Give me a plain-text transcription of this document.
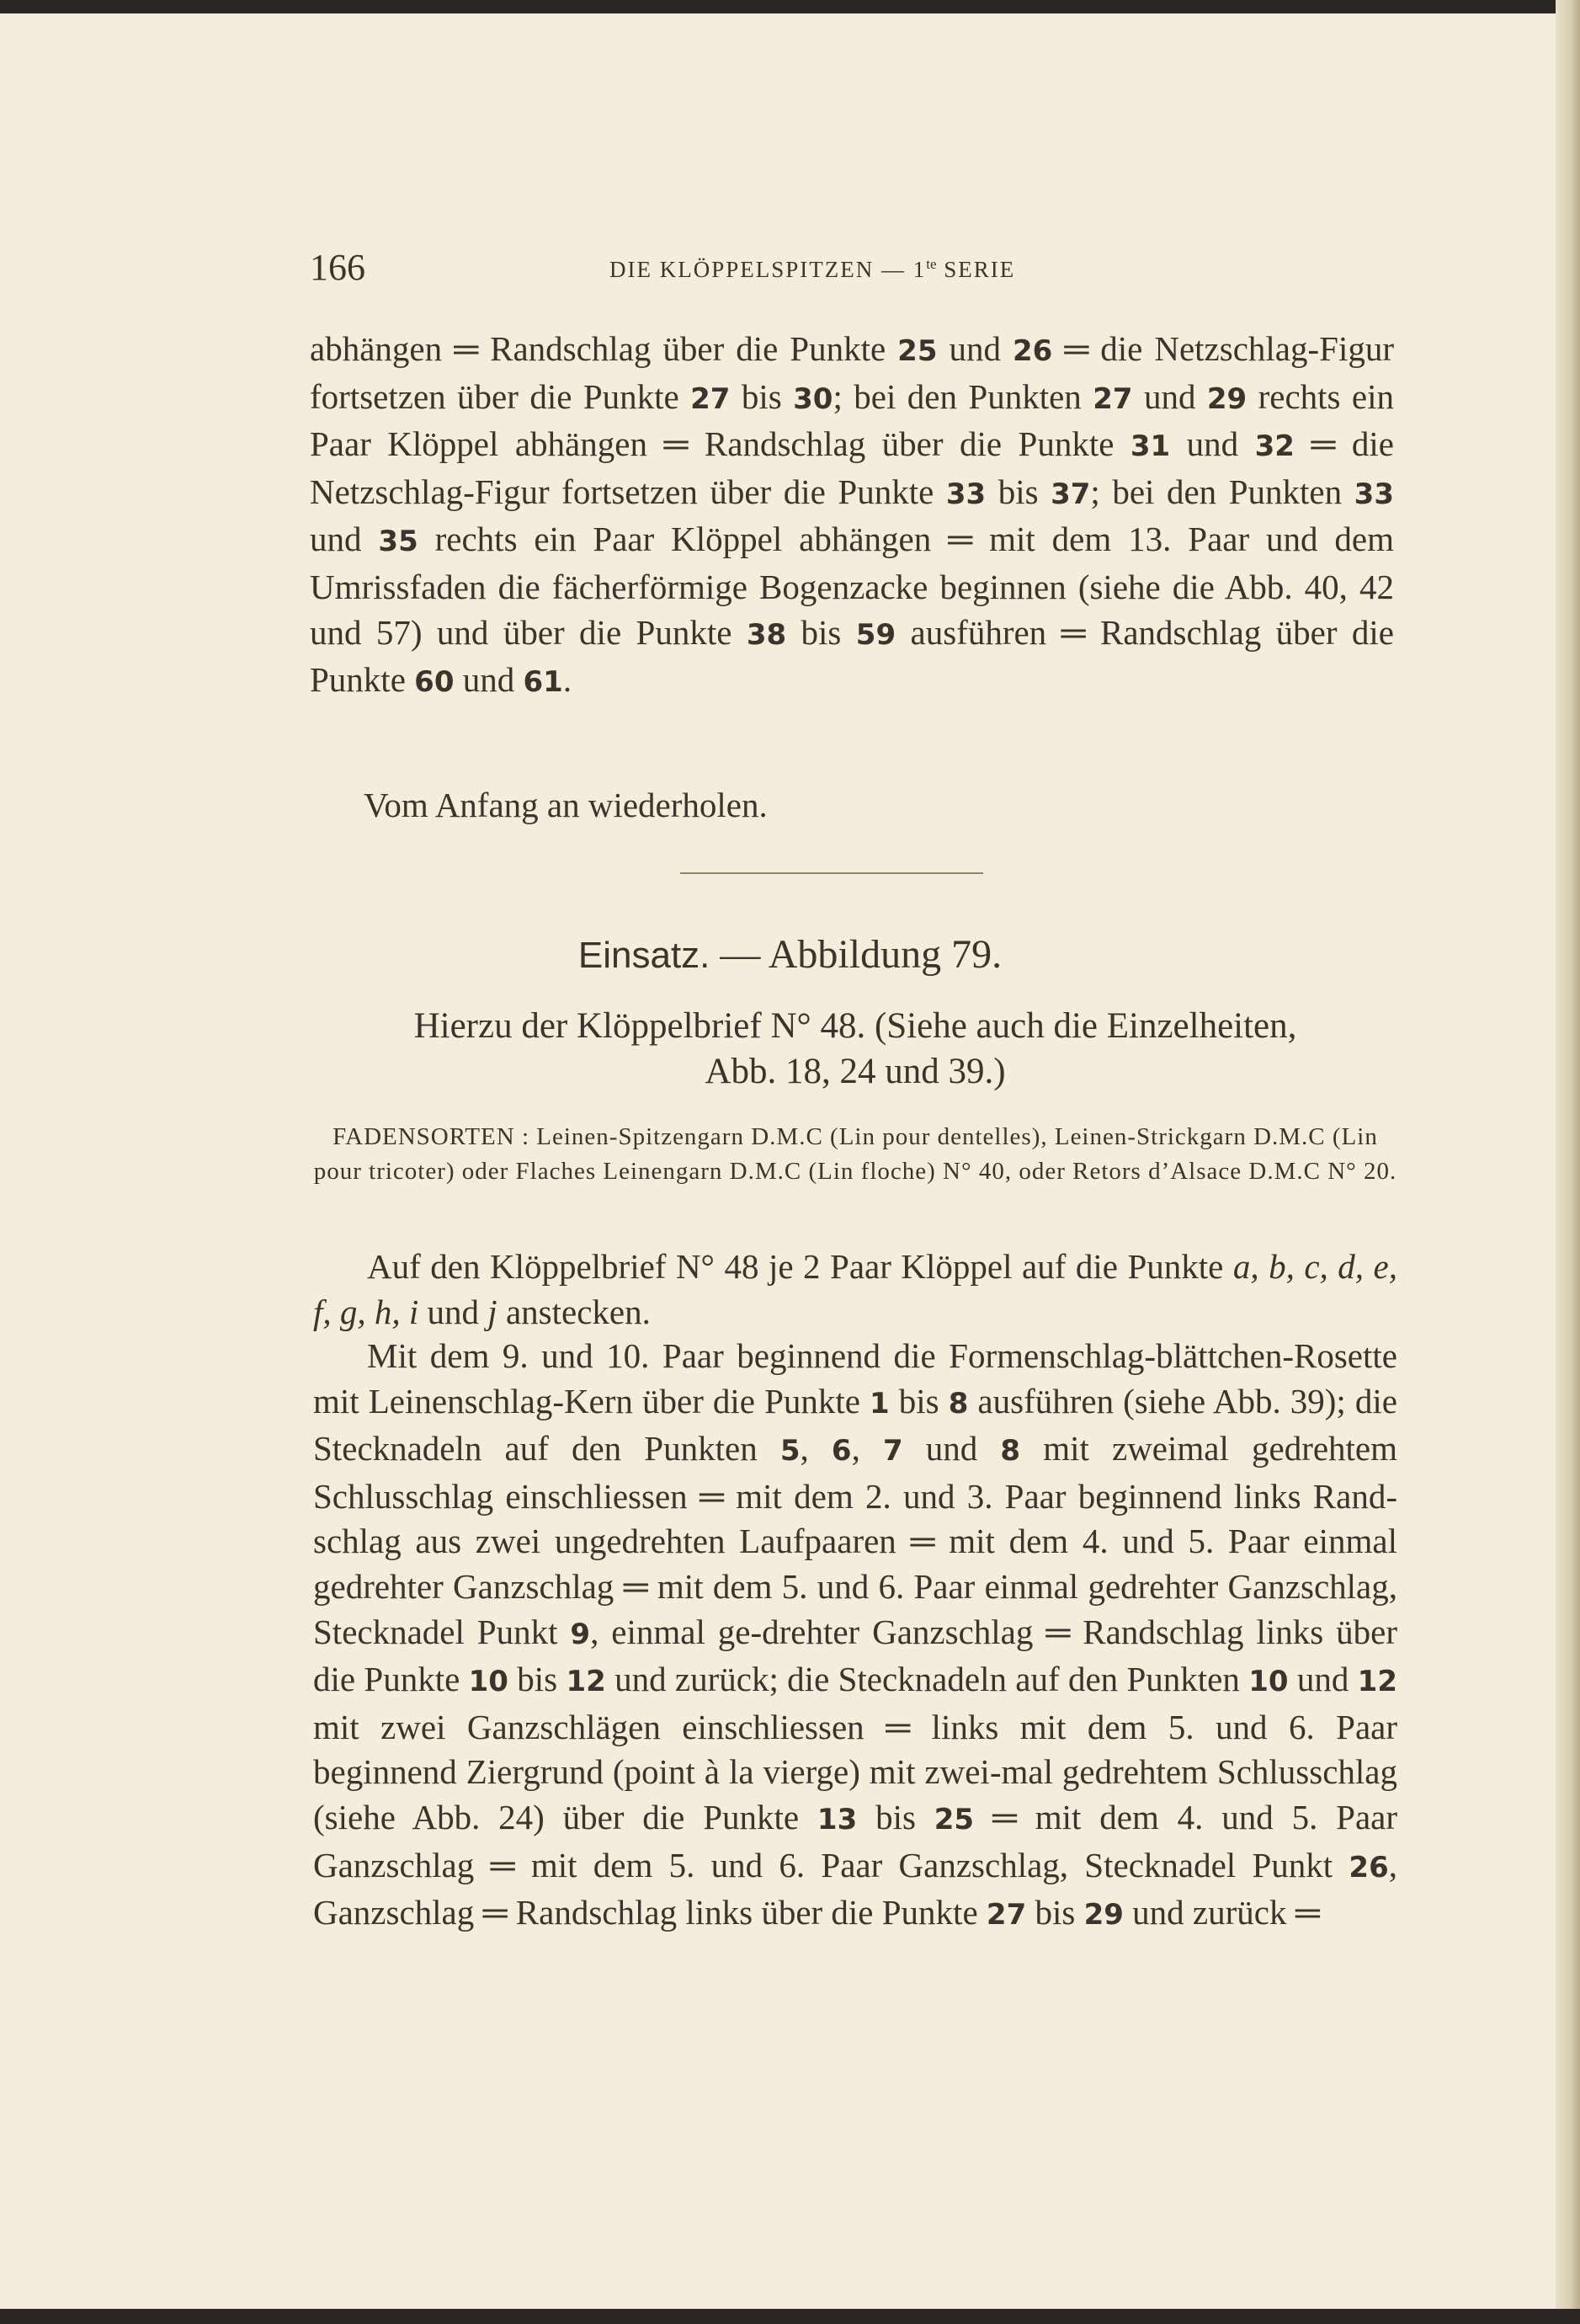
166	DIE KLÖPPELSPITZEN — $1^{te}$ SERIE

abhängen ═ Randschlag über die Punkte 25 und 26 ═ die Netzschlag-Figur fortsetzen über die Punkte 27 bis 30; bei den Punkten 27 und 29 rechts ein Paar Klöppel abhängen ═ Randschlag über die Punkte 31 und 32 ═ die Netzschlag-Figur fortsetzen über die Punkte 33 bis 37; bei den Punkten 33 und 35 rechts ein Paar Klöppel abhängen ═ mit dem 13. Paar und dem Umrissfaden die fächerförmige Bogenzacke beginnen (siehe die Abb. 40, 42 und 57) und über die Punkte 38 bis 59 ausführen ═ Randschlag über die Punkte 60 und 61.

Vom Anfang an wiederholen.

Einsatz. — Abbildung 79.

Hierzu der Klöppelbrief N° 48. (Siehe auch die Einzelheiten,
Abb. 18, 24 und 39.)

FADENSORTEN : Leinen-Spitzengarn D.M.C (Lin pour dentelles), Leinen-Strickgarn D.M.C (Lin pour tricoter) oder Flaches Leinengarn D.M.C (Lin floche) N° 40, oder Retors d’Alsace D.M.C N° 20.

Auf den Klöppelbrief N° 48 je 2 Paar Klöppel auf die Punkte a, b, c, d, e, f, g, h, i und j anstecken.

Mit dem 9. und 10. Paar beginnend die Formenschlag-blättchen-Rosette mit Leinenschlag-Kern über die Punkte 1 bis 8 ausführen (siehe Abb. 39); die Stecknadeln auf den Punkten 5, 6, 7 und 8 mit zweimal gedrehtem Schlusschlag einschliessen ═ mit dem 2. und 3. Paar beginnend links Rand-schlag aus zwei ungedrehten Laufpaaren ═ mit dem 4. und 5. Paar einmal gedrehter Ganzschlag ═ mit dem 5. und 6. Paar einmal gedrehter Ganzschlag, Stecknadel Punkt 9, einmal ge-drehter Ganzschlag ═ Randschlag links über die Punkte 10 bis 12 und zurück; die Stecknadeln auf den Punkten 10 und 12 mit zwei Ganzschlägen einschliessen ═ links mit dem 5. und 6. Paar beginnend Ziergrund (point à la vierge) mit zwei-mal gedrehtem Schlusschlag (siehe Abb. 24) über die Punkte 13 bis 25 ═ mit dem 4. und 5. Paar Ganzschlag ═ mit dem 5. und 6. Paar Ganzschlag, Stecknadel Punkt 26, Ganzschlag ═ Randschlag links über die Punkte 27 bis 29 und zurück ═
